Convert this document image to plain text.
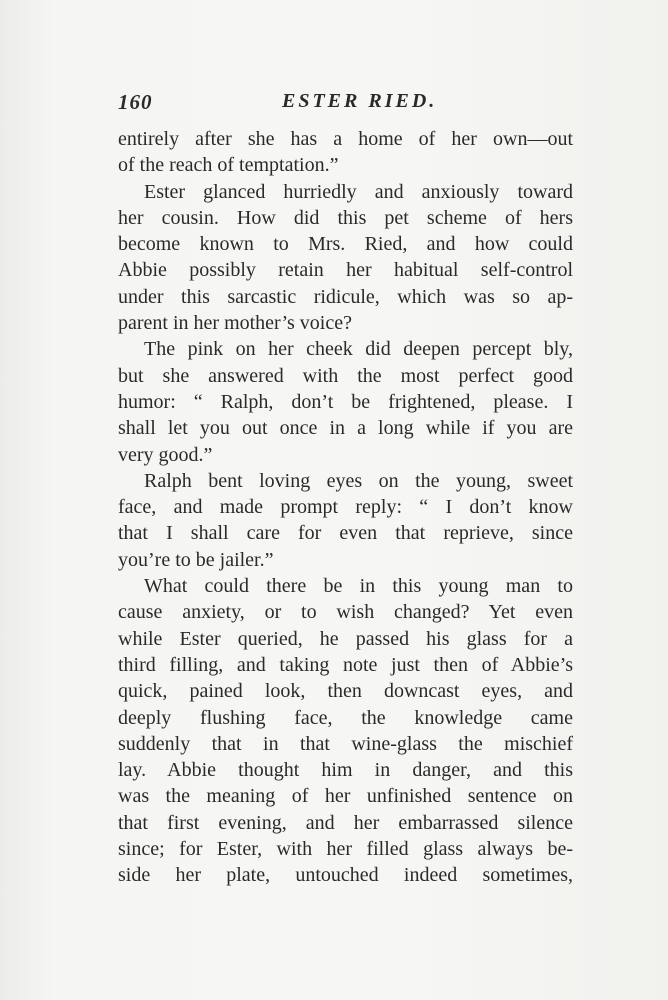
160	ESTER RIED.
entirely after she has a home of her own—out
of the reach of temptation.”
Ester glanced hurriedly and anxiously toward
her cousin. How did this pet scheme of hers
become known to Mrs. Ried, and how could
Abbie possibly retain her habitual self-control
under this sarcastic ridicule, which was so ap-
parent in her mother’s voice?
The pink on her cheek did deepen percept bly,
but she answered with the most perfect good
humor: “ Ralph, don’t be frightened, please. I
shall let you out once in a long while if you are
very good.”
Ralph bent loving eyes on the young, sweet
face, and made prompt reply: “ I don’t know
that I shall care for even that reprieve, since
you’re to be jailer.”
What could there be in this young man to
cause anxiety, or to wish changed? Yet even
while Ester queried, he passed his glass for a
third filling, and taking note just then of Abbie’s
quick, pained look, then downcast eyes, and
deeply flushing face, the knowledge came
suddenly that in that wine-glass the mischief
lay. Abbie thought him in danger, and this
was the meaning of her unfinished sentence on
that first evening, and her embarrassed silence
since; for Ester, with her filled glass always be-
side her plate, untouched indeed sometimes,
